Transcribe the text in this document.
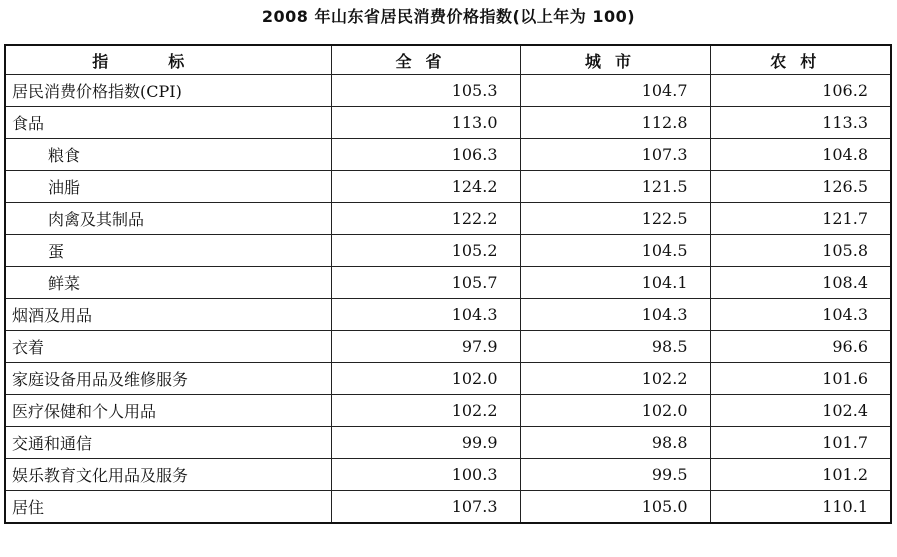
2008 年山东省居民消费价格指数(以上年为 100)
指标	全省	城市	农村
居民消费价格指数(CPI)	105.3	104.7	106.2
食品	113.0	112.8	113.3
粮食	106.3	107.3	104.8
油脂	124.2	121.5	126.5
肉禽及其制品	122.2	122.5	121.7
蛋	105.2	104.5	105.8
鲜菜	105.7	104.1	108.4
烟酒及用品	104.3	104.3	104.3
衣着	97.9	98.5	96.6
家庭设备用品及维修服务	102.0	102.2	101.6
医疗保健和个人用品	102.2	102.0	102.4
交通和通信	99.9	98.8	101.7
娱乐教育文化用品及服务	100.3	99.5	101.2
居住	107.3	105.0	110.1
